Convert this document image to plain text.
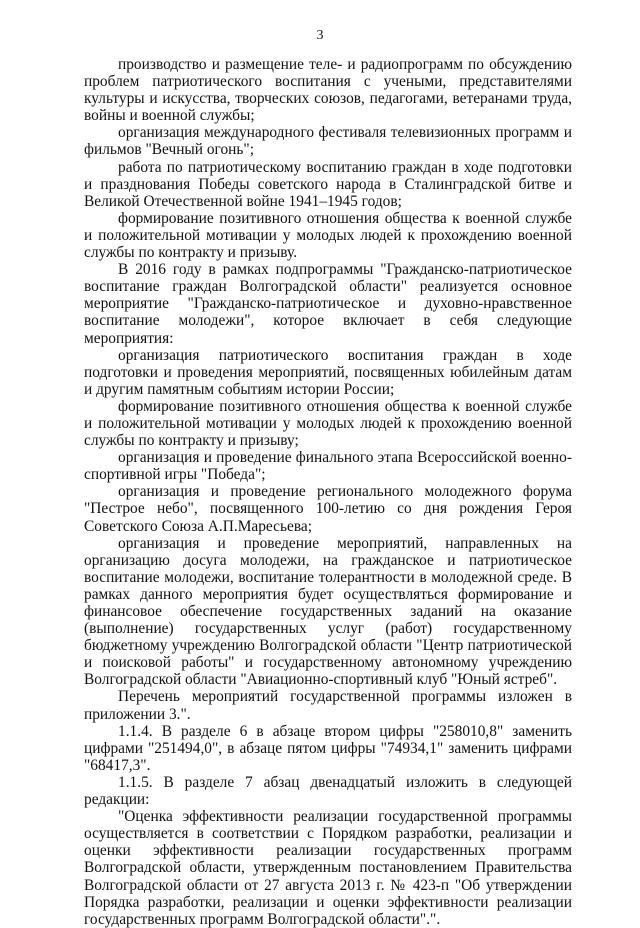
3

производство и размещение теле- и радиопрограмм по обсуждению проблем патриотического воспитания с учеными, представителями культуры и искусства, творческих союзов, педагогами, ветеранами труда, войны и военной службы;

организация международного фестиваля телевизионных программ и фильмов "Вечный огонь";

работа по патриотическому воспитанию граждан в ходе подготовки и празднования Победы советского народа в Сталинградской битве и Великой Отечественной войне 1941–1945 годов;

формирование позитивного отношения общества к военной службе и положительной мотивации у молодых людей к прохождению военной службы по контракту и призыву.

В 2016 году в рамках подпрограммы "Гражданско-патриотическое воспитание граждан Волгоградской области" реализуется основное мероприятие "Гражданско-патриотическое и духовно-нравственное воспитание молодежи", которое включает в себя следующие мероприятия:

организация патриотического воспитания граждан в ходе подготовки и проведения мероприятий, посвященных юбилейным датам и другим памятным событиям истории России;

формирование позитивного отношения общества к военной службе и положительной мотивации у молодых людей к прохождению военной службы по контракту и призыву;

организация и проведение финального этапа Всероссийской военно-спортивной игры "Победа";

организация и проведение регионального молодежного форума "Пестрое небо", посвященного 100-летию со дня рождения Героя Советского Союза А.П.Маресьева;

организация и проведение мероприятий, направленных на организацию досуга молодежи, на гражданское и патриотическое воспитание молодежи, воспитание толерантности в молодежной среде. В рамках данного мероприятия будет осуществляться формирование и финансовое обеспечение государственных заданий на оказание (выполнение) государственных услуг (работ) государственному бюджетному учреждению Волгоградской области "Центр патриотической и поисковой работы" и государственному автономному учреждению Волгоградской области "Авиационно-спортивный клуб "Юный ястреб".

Перечень мероприятий государственной программы изложен в приложении 3.".

1.1.4. В разделе 6 в абзаце втором цифры "258010,8" заменить цифрами "251494,0", в абзаце пятом цифры "74934,1" заменить цифрами "68417,3".

1.1.5. В разделе 7 абзац двенадцатый изложить в следующей редакции:

"Оценка эффективности реализации государственной программы осуществляется в соответствии с Порядком разработки, реализации и оценки эффективности реализации государственных программ Волгоградской области, утвержденным постановлением Правительства Волгоградской области от 27 августа 2013 г. № 423-п "Об утверждении Порядка разработки, реализации и оценки эффективности реализации государственных программ Волгоградской области".".
